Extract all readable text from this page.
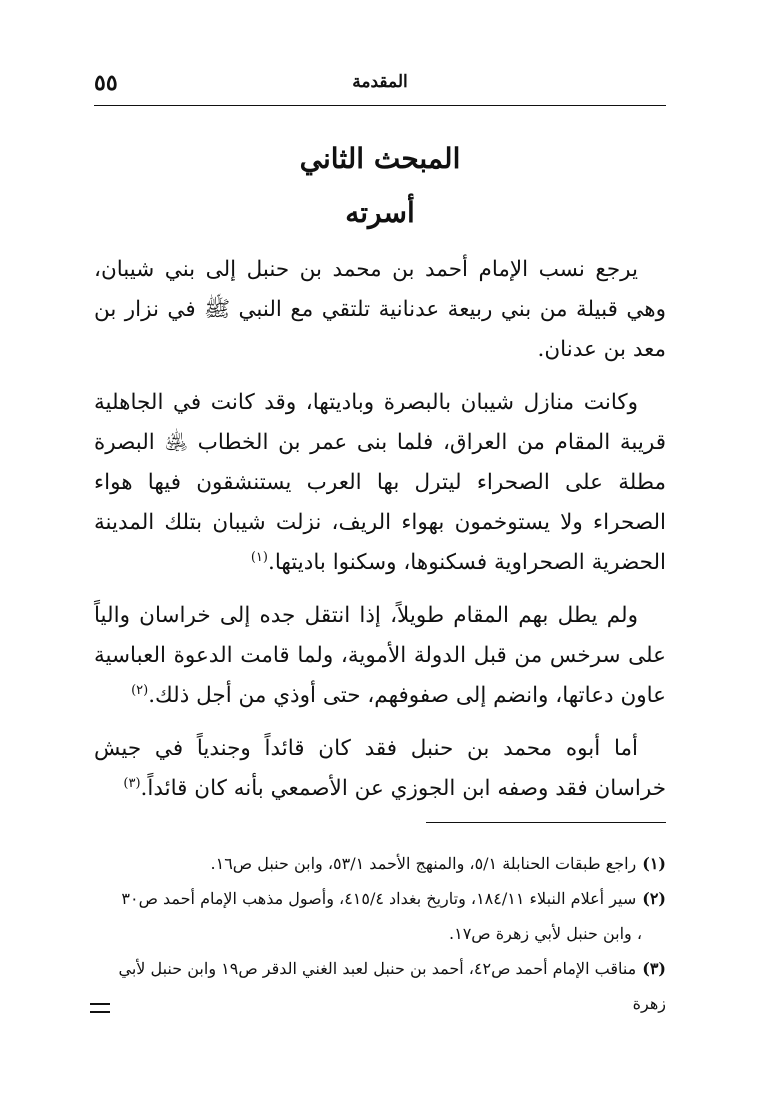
المقدمة
٥٥
المبحث الثاني
أسرته

يرجع نسب الإمام أحمد بن محمد بن حنبل إلى بني شيبان، وهي قبيلة من بني ربيعة عدنانية تلتقي مع النبي ﷺ في نزار بن معد بن عدنان.

وكانت منازل شيبان بالبصرة وباديتها، وقد كانت في الجاهلية قريبة المقام من العراق، فلما بنى عمر بن الخطاب ﵁ البصرة مطلة على الصحراء ليترل بها العرب يستنشقون فيها هواء الصحراء ولا يستوخمون بهواء الريف، نزلت شيبان بتلك المدينة الحضرية الصحراوية فسكنوها، وسكنوا باديتها.$^{(١)}$

ولم يطل بهم المقام طويلاً، إذا انتقل جده إلى خراسان والياً على سرخس من قبل الدولة الأموية، ولما قامت الدعوة العباسية عاون دعاتها، وانضم إلى صفوفهم، حتى أوذي من أجل ذلك.$^{(٢)}$

أما أبوه محمد بن حنبل فقد كان قائداً وجندياً في جيش خراسان فقد وصفه ابن الجوزي عن الأصمعي بأنه كان قائداً.$^{(٣)}$

(١)راجع طبقات الحنابلة ٥/١، والمنهج الأحمد ٥٣/١، وابن حنبل ص١٦.

(٢)سير أعلام النبلاء ١٨٤/١١، وتاريخ بغداد ٤١٥/٤، وأصول مذهب الإمام أحمد ص٣٠

، وابن حنبل لأبي زهرة ص١٧.

(٣)مناقب الإمام أحمد ص٤٢، أحمد بن حنبل لعبد الغني الدقر ص١٩ وابن حنبل لأبي زهرة
